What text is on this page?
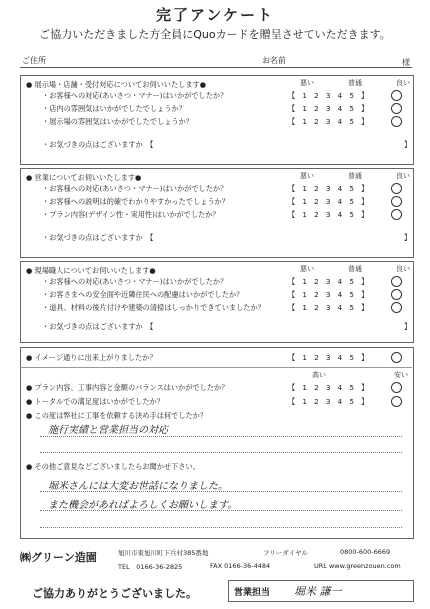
完了アンケート
ご協力いただきました方全員にQuoカードを贈呈させていただきます。
ご住所	お名前	様
● 展示場・店舗・受付対応についてお伺いいたします●	悪い	普通	良い
・お客様への対応(あいさつ・マナー)はいかがでしたか？	【　1　2　3　4　5　】
・店内の雰囲気はいかがでしたでしょうか？	【　1　2　3　4　5　】
・展示場の雰囲気はいかがでしたでしょうか？	【　1　2　3　4　5　】
・お気づきの点はございますか　【	】
● 営業についてお伺いいたします●	悪い	普通	良い
・お客様への対応(あいさつ・マナー)はいかがでしたか？	【　1　2　3　4　5　】
・お客様への説明は的確でわかりやすかったでしょうか？	【　1　2　3　4　5　】
・プラン内容(デザイン性・実用性)はいかがでしたか？	【　1　2　3　4　5　】
・お気づきの点はございますか　【	】
● 現場職人についてお伺いいたします●	悪い	普通	良い
・お客様への対応(あいさつ・マナー)はいかがでしたか？	【　1　2　3　4　5　】
・お客さまへの安全面や近隣住民への配慮はいかがでしたか？	【　1　2　3　4　5　】
・道具、材料の後片付けや建築の清掃はしっかりできていましたか？	【　1　2　3　4　5　】
・お気づきの点はございますか　【	】
● イメージ通りに出来上がりましたか？	【　1　2　3　4　5　】
高い	安い
● プラン内容、工事内容と金額のバランスはいかがでしたか？	【　1　2　3　4　5　】
● トータルでの満足度はいかがでしたか？	【　1　2　3　4　5　】
● この度は弊社に工事を依頼する決め手は何でしたか？
施行実績と営業担当の対応
● その他ご意見などございましたらお聞かせ下さい。
堀米さんには大変お世話になりました。
また機会があればよろしくお願いします。
㈱グリーン造園	旭川市東旭川町下兵村385番地	フリーダイヤル	0800-600-6669
TEL　0166-36-2825	FAX 0166-36-4484	URL www.greenzouen.com
ご協力ありがとうございました。	営業担当 堀米 謙一
